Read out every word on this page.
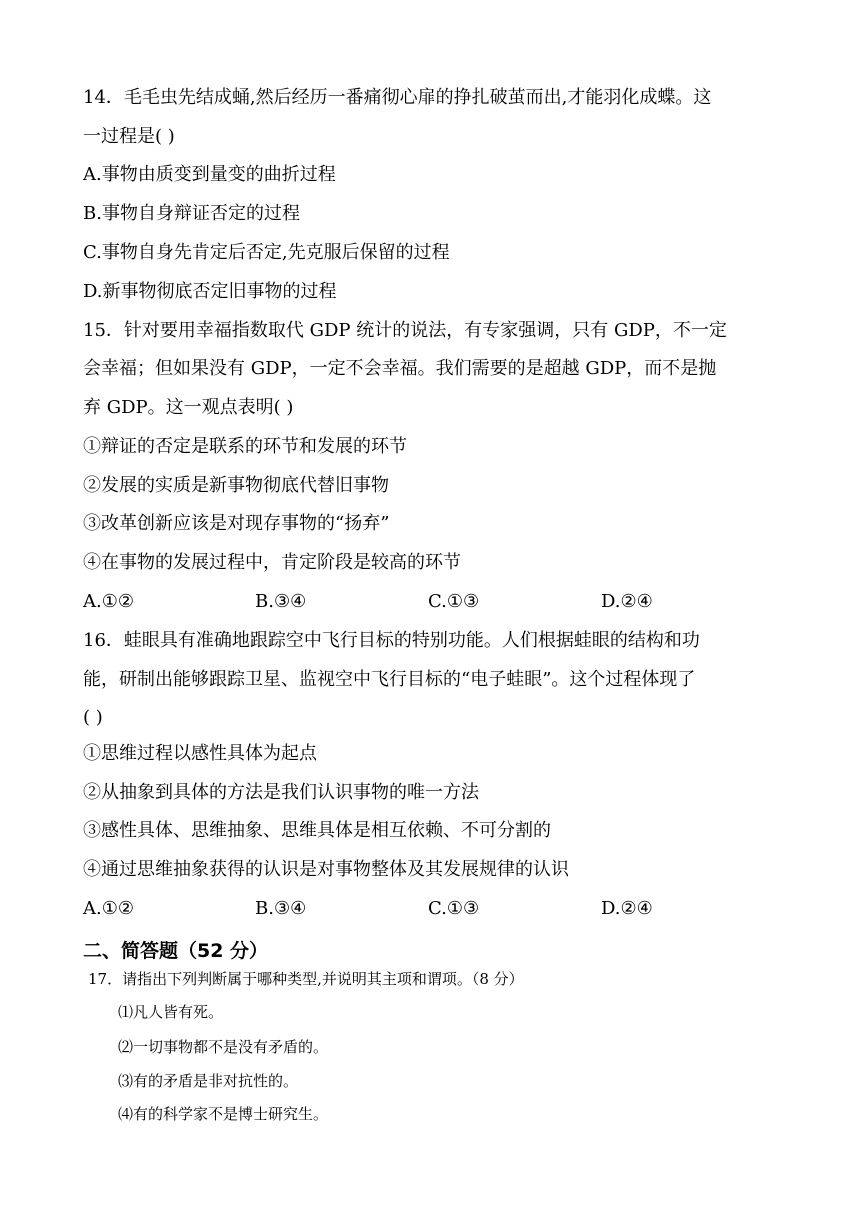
14．毛毛虫先结成蛹,然后经历一番痛彻心扉的挣扎破茧而出,才能羽化成蝶。这
一过程是( )
A.事物由质变到量变的曲折过程
B.事物自身辩证否定的过程
C.事物自身先肯定后否定,先克服后保留的过程
D.新事物彻底否定旧事物的过程
15．针对要用幸福指数取代 GDP 统计的说法，有专家强调，只有 GDP，不一定
会幸福；但如果没有 GDP，一定不会幸福。我们需要的是超越 GDP，而不是抛
弃 GDP。这一观点表明( )
①辩证的否定是联系的环节和发展的环节
②发展的实质是新事物彻底代替旧事物
③改革创新应该是对现存事物的“扬弃”
④在事物的发展过程中，肯定阶段是较高的环节
A.①②	B.③④	C.①③	D.②④
16．蛙眼具有准确地跟踪空中飞行目标的特别功能。人们根据蛙眼的结构和功
能，研制出能够跟踪卫星、监视空中飞行目标的“电子蛙眼”。这个过程体现了
( )
①思维过程以感性具体为起点
②从抽象到具体的方法是我们认识事物的唯一方法
③感性具体、思维抽象、思维具体是相互依赖、不可分割的
④通过思维抽象获得的认识是对事物整体及其发展规律的认识
A.①②	B.③④	C.①③	D.②④
二、简答题（52 分）
17．请指出下列判断属于哪种类型,并说明其主项和谓项。（8 分）
⑴凡人皆有死。
⑵一切事物都不是没有矛盾的。
⑶有的矛盾是非对抗性的。
⑷有的科学家不是博士研究生。
